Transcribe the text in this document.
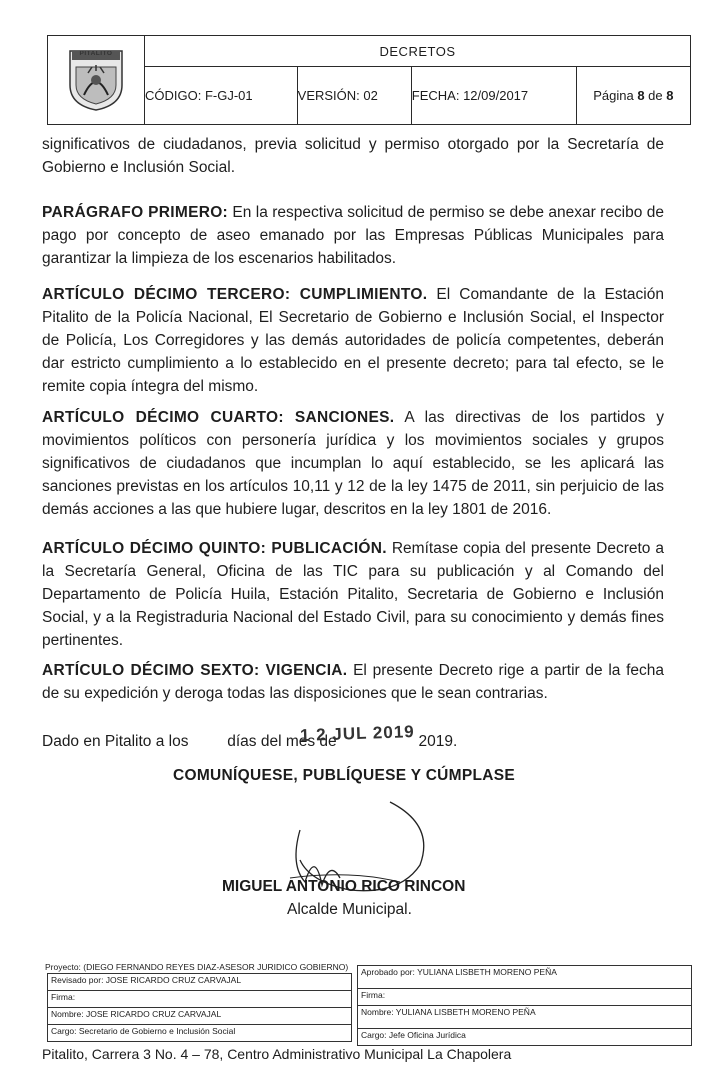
PITALITO	DECRETOS			
	CÓDIGO: F-GJ-01	VERSIÓN: 02	FECHA: 12/09/2017	Página 8 de 8

significativos de ciudadanos, previa solicitud y permiso otorgado por la Secretaría de Gobierno e Inclusión Social.

PARÁGRAFO PRIMERO: En la respectiva solicitud de permiso se debe anexar recibo de pago por concepto de aseo emanado por las Empresas Públicas Municipales para garantizar la limpieza de los escenarios habilitados.

ARTÍCULO DÉCIMO TERCERO: CUMPLIMIENTO. El Comandante de la Estación Pitalito de la Policía Nacional, El Secretario de Gobierno e Inclusión Social, el Inspector de Policía, Los Corregidores y las demás autoridades de policía competentes, deberán dar estricto cumplimiento a lo establecido en el presente decreto; para tal efecto, se le remite copia íntegra del mismo.

ARTÍCULO DÉCIMO CUARTO: SANCIONES. A las directivas de los partidos y movimientos políticos con personería jurídica y los movimientos sociales y grupos significativos de ciudadanos que incumplan lo aquí establecido, se les aplicará las sanciones previstas en los artículos 10,11 y 12 de la ley 1475 de 2011, sin perjuicio de las demás acciones a las que hubiere lugar, descritos en la ley 1801 de 2016.

ARTÍCULO DÉCIMO QUINTO: PUBLICACIÓN. Remítase copia del presente Decreto a la Secretaría General, Oficina de las TIC para su publicación y al Comando del Departamento de Policía Huila, Estación Pitalito, Secretaria de Gobierno e Inclusión Social, y a la Registraduria Nacional del Estado Civil, para su conocimiento y demás fines pertinentes.

ARTÍCULO DÉCIMO SEXTO: VIGENCIA. El presente Decreto rige a partir de la fecha de su expedición y deroga todas las disposiciones que le sean contrarias.

Dado en Pitalito a los	días del mes de	2019.
1 2 JUL 2019
COMUNÍQUESE, PUBLÍQUESE Y CÚMPLASE
MIGUEL ANTONIO RICO RINCON
Alcalde Municipal.
Proyecto: (DIEGO FERNANDO REYES DIAZ-ASESOR JURIDICO GOBIERNO)
Revisado por: JOSE RICARDO CRUZ CARVAJAL
Firma:
Nombre: JOSE RICARDO CRUZ CARVAJAL
Cargo: Secretario de Gobierno e Inclusión Social
Aprobado por: YULIANA LISBETH MORENO PEÑA
Firma:
Nombre: YULIANA LISBETH MORENO PEÑA
Cargo: Jefe Oficina Jurídica
Pitalito, Carrera 3 No. 4 – 78, Centro Administrativo Municipal La Chapolera
